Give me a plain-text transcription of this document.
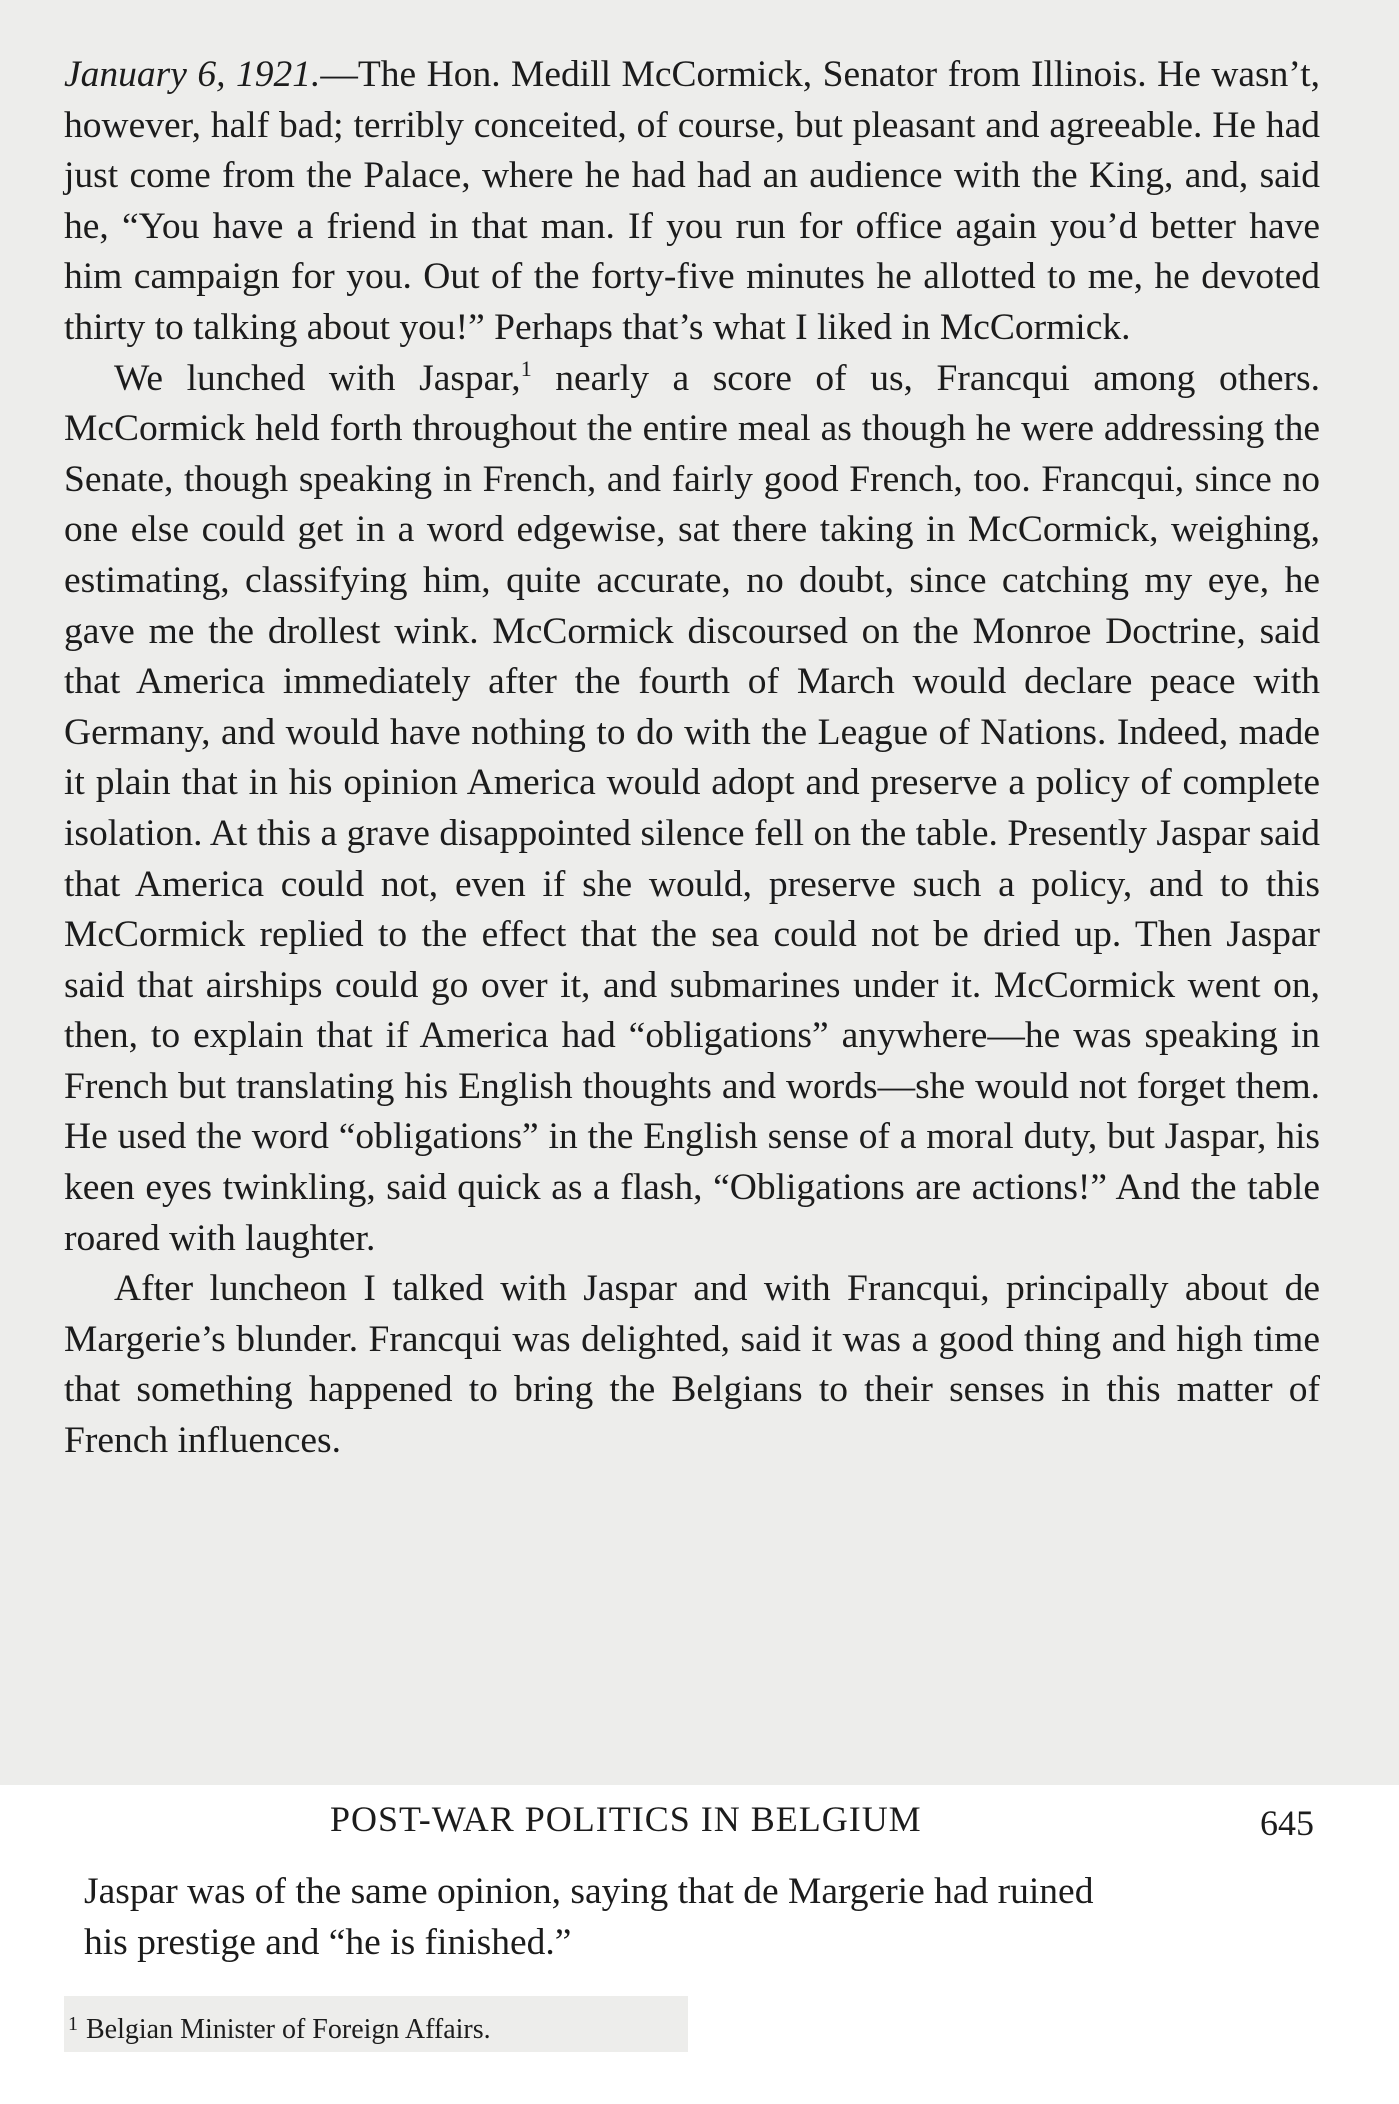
January 6, 1921.—The Hon. Medill McCormick, Senator from Illinois. He wasn’t, however, half bad; terribly conceited, of course, but pleasant and agreeable. He had just come from the Palace, where he had had an audience with the King, and, said he, “You have a friend in that man. If you run for office again you’d better have him campaign for you. Out of the forty-five minutes he allotted to me, he devoted thirty to talking about you!” Perhaps that’s what I liked in McCormick.

We lunched with Jaspar,$^1$ nearly a score of us, Francqui among others. McCormick held forth throughout the entire meal as though he were addressing the Senate, though speaking in French, and fairly good French, too. Francqui, since no one else could get in a word edgewise, sat there taking in McCormick, weighing, estimating, classifying him, quite accurate, no doubt, since catching my eye, he gave me the drollest wink. McCormick discoursed on the Monroe Doctrine, said that America immediately after the fourth of March would declare peace with Germany, and would have nothing to do with the League of Nations. Indeed, made it plain that in his opinion America would adopt and preserve a policy of complete isolation. At this a grave disappointed silence fell on the table. Presently Jaspar said that America could not, even if she would, preserve such a policy, and to this McCormick replied to the effect that the sea could not be dried up. Then Jaspar said that airships could go over it, and submarines under it. McCormick went on, then, to explain that if America had “obligations” anywhere—he was speaking in French but translating his English thoughts and words—she would not forget them. He used the word “obligations” in the English sense of a moral duty, but Jaspar, his keen eyes twinkling, said quick as a flash, “Obligations are actions!” And the table roared with laughter.

After luncheon I talked with Jaspar and with Francqui, principally about de Margerie’s blunder. Francqui was delighted, said it was a good thing and high time that something happened to bring the Belgians to their senses in this matter of French influences.

POST-WAR POLITICS IN BELGIUM	645

Jaspar was of the same opinion, saying that de Margerie had ruined

his prestige and “he is finished.”

$^1$ Belgian Minister of Foreign Affairs.
